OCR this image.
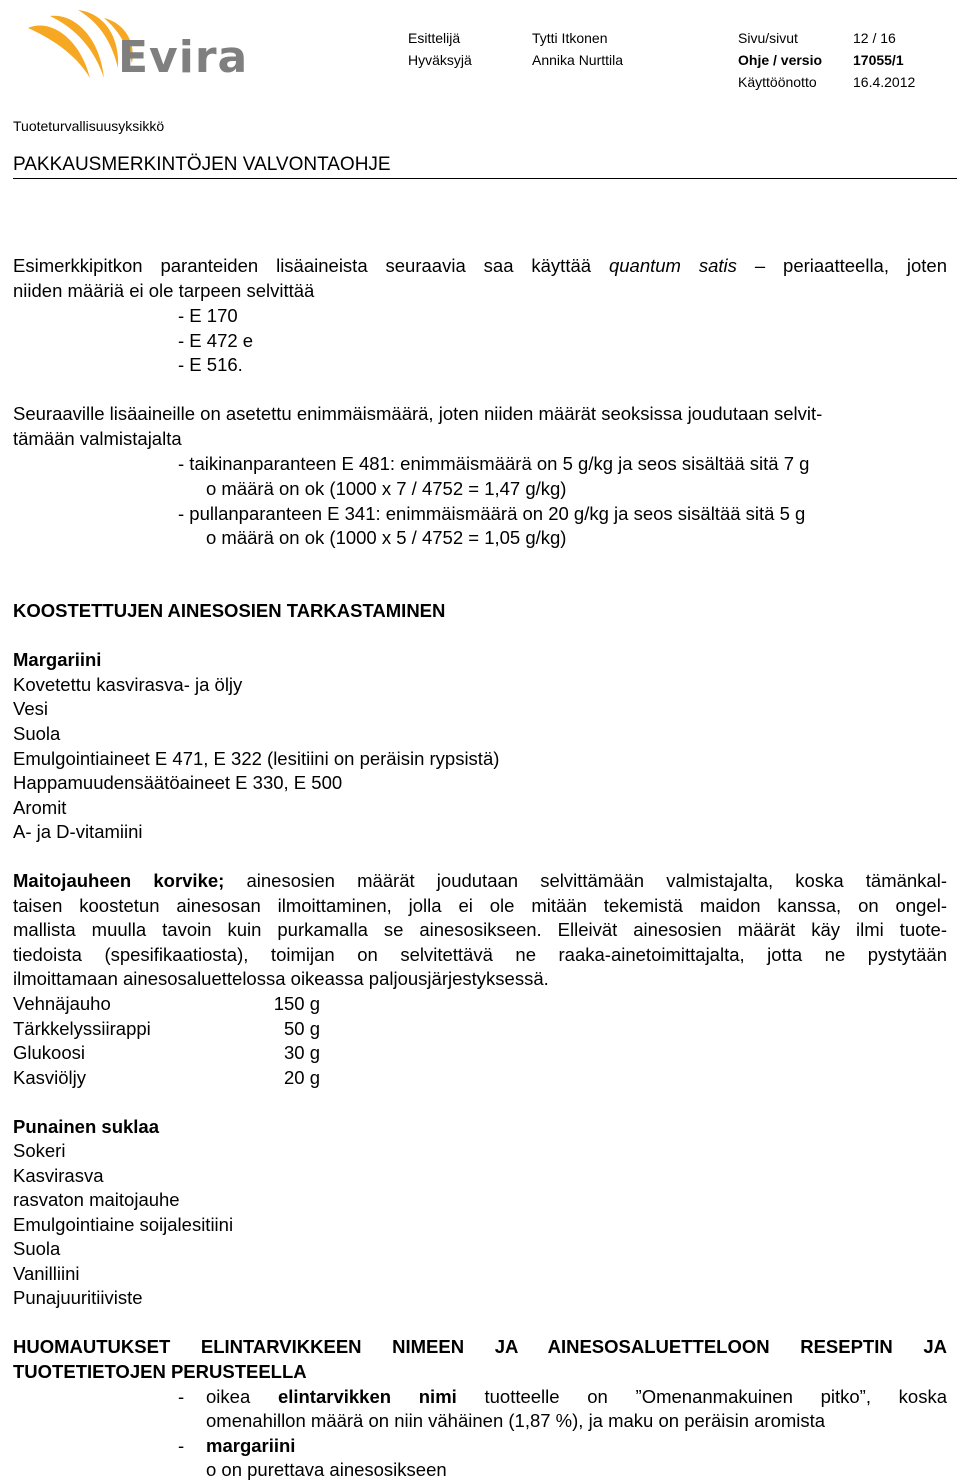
Evira	Esittelijä	Tytti Itkonen	Sivu/sivut	12 / 16
Hyväksyjä	Annika Nurttila	Ohje / versio 17055/1
Käyttöönotto	16.4.2012
Tuoteturvallisuusyksikkö
PAKKAUSMERKINTÖJEN VALVONTAOHJE
Esimerkkipitkon paranteiden lisäaineista seuraavia saa käyttää quantum satis – periaatteella, joten
niiden määriä ei ole tarpeen selvittää
- E 170
- E 472 e
- E 516.
Seuraaville lisäaineille on asetettu enimmäismäärä, joten niiden määrät seoksissa joudutaan selvit-
tämään valmistajalta
- taikinanparanteen E 481: enimmäismäärä on 5 g/kg ja seos sisältää sitä 7 g
o määrä on ok (1000 x 7 / 4752 = 1,47 g/kg)
- pullanparanteen E 341: enimmäismäärä on 20 g/kg ja seos sisältää sitä 5 g
o määrä on ok (1000 x 5 / 4752 = 1,05 g/kg)
KOOSTETTUJEN AINESOSIEN TARKASTAMINEN
Margariini
Kovetettu kasvirasva- ja öljy
Vesi
Suola
Emulgointiaineet E 471, E 322 (lesitiini on peräisin rypsistä)
Happamuudensäätöaineet E 330, E 500
Aromit
A- ja D-vitamiini
Maitojauheen korvike; ainesosien määrät joudutaan selvittämään valmistajalta, koska tämänkal-
taisen koostetun ainesosan ilmoittaminen, jolla ei ole mitään tekemistä maidon kanssa, on ongel-
mallista muulla tavoin kuin purkamalla se ainesosikseen. Elleivät ainesosien määrät käy ilmi tuote-
tiedoista (spesifikaatiosta), toimijan on selvitettävä ne raaka-ainetoimittajalta, jotta ne pystytään
ilmoittamaan ainesosaluettelossa oikeassa paljousjärjestyksessä.
Vehnäjauho	150 g
Tärkkelyssiirappi	50 g
Glukoosi	30 g
Kasviöljy	20 g
Punainen suklaa
Sokeri
Kasvirasva
rasvaton maitojauhe
Emulgointiaine soijalesitiini
Suola
Vanilliini
Punajuuritiiviste
HUOMAUTUKSET ELINTARVIKKEEN NIMEEN JA AINESOSALUETTELOON RESEPTIN JA
TUOTETIETOJEN PERUSTEELLA
- oikea elintarvikken nimi tuotteelle on ”Omenanmakuinen pitko”, koska
omenahillon määrä on niin vähäinen (1,87 %), ja maku on peräisin aromista
- margariini
o on purettava ainesosikseen
